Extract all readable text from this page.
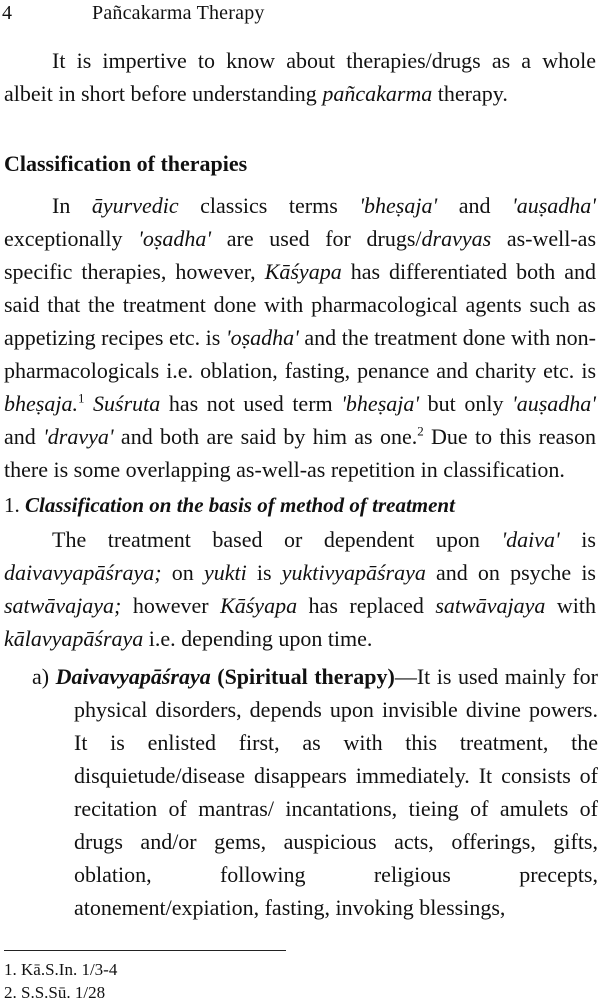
4	Pañcakarma Therapy

It is impertive to know about therapies/drugs as a whole albeit in short before understanding pañcakarma therapy.

Classification of therapies

In āyurvedic classics terms 'bheṣaja' and 'auṣadha' exceptionally 'oṣadha' are used for drugs/dravyas as-well-as specific therapies, however, Kāśyapa has differentiated both and said that the treatment done with pharmacological agents such as appetizing recipes etc. is 'oṣadha' and the treatment done with non-pharmacologicals i.e. oblation, fasting, penance and charity etc. is bheṣaja.$^1$ Suśruta has not used term 'bheṣaja' but only 'auṣadha' and 'dravya' and both are said by him as one.$^2$ Due to this reason there is some overlapping as-well-as repetition in classification.

1. Classification on the basis of method of treatment

The treatment based or dependent upon 'daiva' is daivavyapāśraya; on yukti is yuktivyapāśraya and on psyche is satwāvajaya; however Kāśyapa has replaced satwāvajaya with kālavyapāśraya i.e. depending upon time.

a) Daivavyapāśraya (Spiritual therapy)—It is used mainly for physical disorders, depends upon invisible divine powers. It is enlisted first, as with this treatment, the disquietude/disease disappears immediately. It consists of recitation of mantras/ incantations, tieing of amulets of drugs and/or gems, auspicious acts, offerings, gifts, oblation, following religious precepts, atonement/expiation, fasting, invoking blessings,
1. Kā.S.In. 1/3-4
2. S.S.Sū. 1/28
